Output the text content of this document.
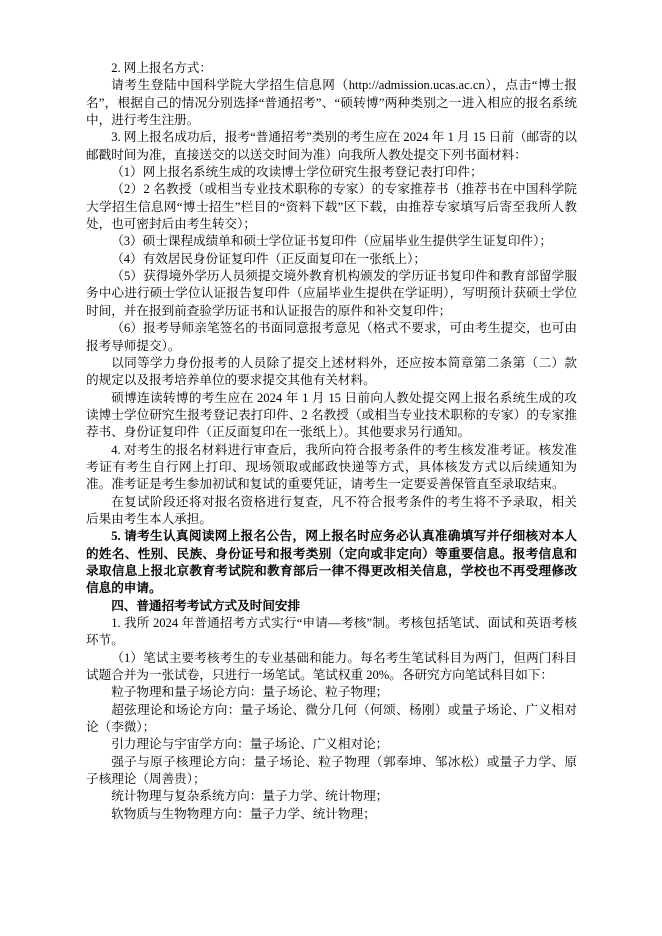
2. 网上报名方式：

请考生登陆中国科学院大学招生信息网（http://admission.ucas.ac.cn），点击“博士报名”，根据自己的情况分别选择“普通招考”、“硕转博”两种类别之一进入相应的报名系统中，进行考生注册。

3. 网上报名成功后，报考“普通招考”类别的考生应在 2024 年 1 月 15 日前（邮寄的以邮戳时间为准，直接送交的以送交时间为准）向我所人教处提交下列书面材料：

（1）网上报名系统生成的攻读博士学位研究生报考登记表打印件；

（2）2 名教授（或相当专业技术职称的专家）的专家推荐书（推荐书在中国科学院大学招生信息网“博士招生”栏目的“资料下载”区下载，由推荐专家填写后寄至我所人教处，也可密封后由考生转交）；

（3）硕士课程成绩单和硕士学位证书复印件（应届毕业生提供学生证复印件）；

（4）有效居民身份证复印件（正反面复印在一张纸上）；

（5）获得境外学历人员须提交境外教育机构颁发的学历证书复印件和教育部留学服务中心进行硕士学位认证报告复印件（应届毕业生提供在学证明），写明预计获硕士学位时间，并在报到前查验学历证书和认证报告的原件和补交复印件；

（6）报考导师亲笔签名的书面同意报考意见（格式不要求，可由考生提交，也可由报考导师提交）。

以同等学力身份报考的人员除了提交上述材料外，还应按本简章第二条第（二）款的规定以及报考培养单位的要求提交其他有关材料。

硕博连读转博的考生应在 2024 年 1 月 15 日前向人教处提交网上报名系统生成的攻读博士学位研究生报考登记表打印件、2 名教授（或相当专业技术职称的专家）的专家推荐书、身份证复印件（正反面复印在一张纸上）。其他要求另行通知。

4. 对考生的报名材料进行审查后，我所向符合报考条件的考生核发准考证。核发准考证有考生自行网上打印、现场领取或邮政快递等方式，具体核发方式以后续通知为准。准考证是考生参加初试和复试的重要凭证，请考生一定要妥善保管直至录取结束。

在复试阶段还将对报名资格进行复查，凡不符合报考条件的考生将不予录取，相关后果由考生本人承担。

5. 请考生认真阅读网上报名公告，网上报名时应务必认真准确填写并仔细核对本人的姓名、性别、民族、身份证号和报考类别（定向或非定向）等重要信息。报考信息和录取信息上报北京教育考试院和教育部后一律不得更改相关信息，学校也不再受理修改信息的申请。

四、普通招考考试方式及时间安排

1. 我所 2024 年普通招考方式实行“申请—考核”制。考核包括笔试、面试和英语考核环节。

（1）笔试主要考核考生的专业基础和能力。每名考生笔试科目为两门，但两门科目试题合并为一张试卷，只进行一场笔试。笔试权重 20%。各研究方向笔试科目如下：

粒子物理和量子场论方向：量子场论、粒子物理；

超弦理论和场论方向：量子场论、微分几何（何颂、杨刚）或量子场论、广义相对论（李微）；

引力理论与宇宙学方向：量子场论、广义相对论；

强子与原子核理论方向：量子场论、粒子物理（郭奉坤、邹冰松）或量子力学、原子核理论（周善贵）；

统计物理与复杂系统方向：量子力学、统计物理；

软物质与生物物理方向：量子力学、统计物理；
